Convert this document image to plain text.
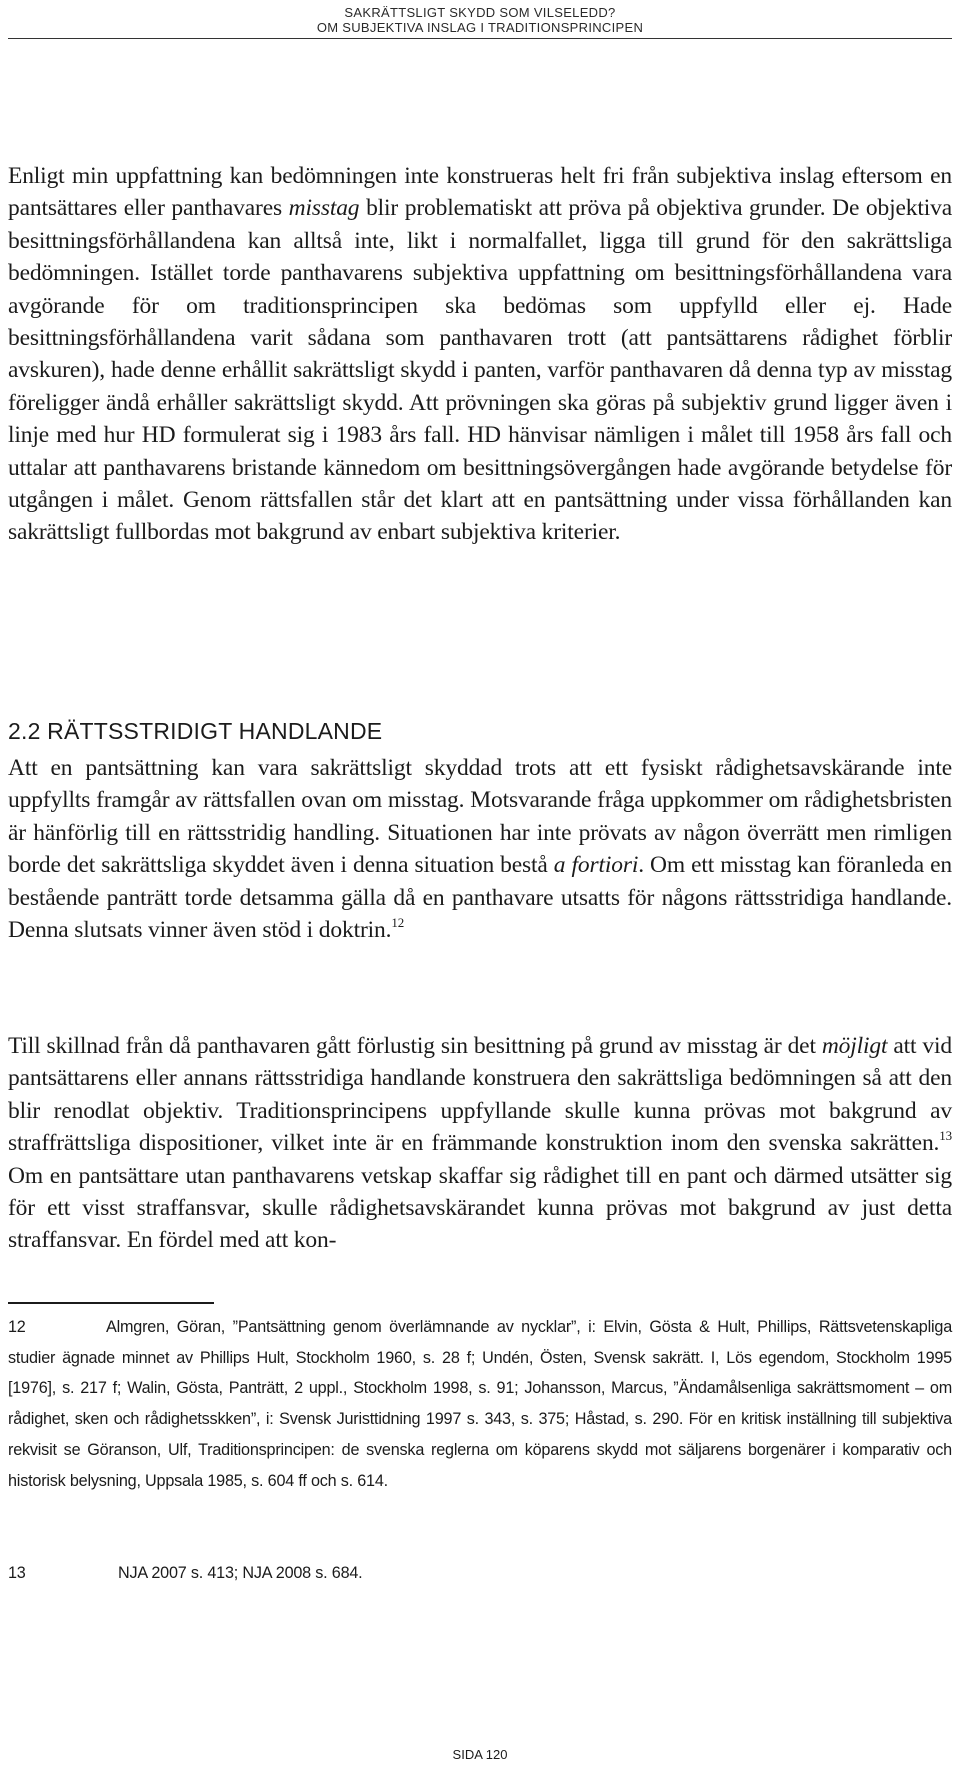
SAKRÄTTSLIGT SKYDD SOM VILSELEDD?
OM SUBJEKTIVA INSLAG I TRADITIONSPRINCIPEN

Enligt min uppfattning kan bedömningen inte konstrueras helt fri från subjektiva inslag eftersom en pantsättares eller panthavares misstag blir problematiskt att pröva på objektiva grunder. De objektiva besittningsförhållandena kan alltså inte, likt i normalfallet, ligga till grund för den sakrättsliga bedömningen. Istället torde panthavarens subjektiva uppfattning om besittningsförhållandena vara avgörande för om traditionsprincipen ska bedömas som uppfylld eller ej. Hade besittningsförhållandena varit sådana som panthavaren trott (att pantsättarens rådighet förblir avskuren), hade denne erhållit sakrättsligt skydd i panten, varför panthavaren då denna typ av misstag föreligger ändå erhåller sakrättsligt skydd. Att prövningen ska göras på subjektiv grund ligger även i linje med hur HD formulerat sig i 1983 års fall. HD hänvisar nämligen i målet till 1958 års fall och uttalar att panthavarens bristande kännedom om besittningsövergången hade avgörande betydelse för utgången i målet. Genom rättsfallen står det klart att en pantsättning under vissa förhållanden kan sakrättsligt fullbordas mot bakgrund av enbart subjektiva kriterier.

2.2 RÄTTSSTRIDIGT HANDLANDE

Att en pantsättning kan vara sakrättsligt skyddad trots att ett fysiskt rådighetsavskärande inte uppfyllts framgår av rättsfallen ovan om misstag. Motsvarande fråga uppkommer om rådighetsbristen är hänförlig till en rättsstridig handling. Situationen har inte prövats av någon överrätt men rimligen borde det sakrättsliga skyddet även i denna situation bestå a fortiori. Om ett misstag kan föranleda en bestående panträtt torde detsamma gälla då en panthavare utsatts för någons rättsstridiga handlande. Denna slutsats vinner även stöd i doktrin.$^{12}$

Till skillnad från då panthavaren gått förlustig sin besittning på grund av misstag är det möjligt att vid pantsättarens eller annans rättsstridiga handlande konstruera den sakrättsliga bedömningen så att den blir renodlat objektiv. Traditionsprincipens uppfyllande skulle kunna prövas mot bakgrund av straffrättsliga dispositioner, vilket inte är en främmande konstruktion inom den svenska sakrätten.$^{13}$ Om en pantsättare utan panthavarens vetskap skaffar sig rådighet till en pant och därmed utsätter sig för ett visst straffansvar, skulle rådighetsavskärandet kunna prövas mot bakgrund av just detta straffansvar. En fördel med att kon-

12	Almgren, Göran, ”Pantsättning genom överlämnande av nycklar”, i: Elvin, Gösta & Hult, Phillips, Rättsvetenskapliga studier ägnade minnet av Phillips Hult, Stockholm 1960, s. 28 f; Undén, Östen, Svensk sakrätt. I, Lös egendom, Stockholm 1995 [1976], s. 217 f; Walin, Gösta, Panträtt, 2 uppl., Stockholm 1998, s. 91; Johansson, Marcus, ”Ändamålsenliga sakrättsmoment – om rådighet, sken och rådighetsskken”, i: Svensk Juristtidning 1997 s. 343, s. 375; Håstad, s. 290. För en kritisk inställning till subjektiva rekvisit se Göranson, Ulf, Traditionsprincipen: de svenska reglerna om köparens skydd mot säljarens borgenärer i komparativ och historisk belysning, Uppsala 1985, s. 604 ff och s. 614.

13	NJA 2007 s. 413; NJA 2008 s. 684.

SIDA 120
